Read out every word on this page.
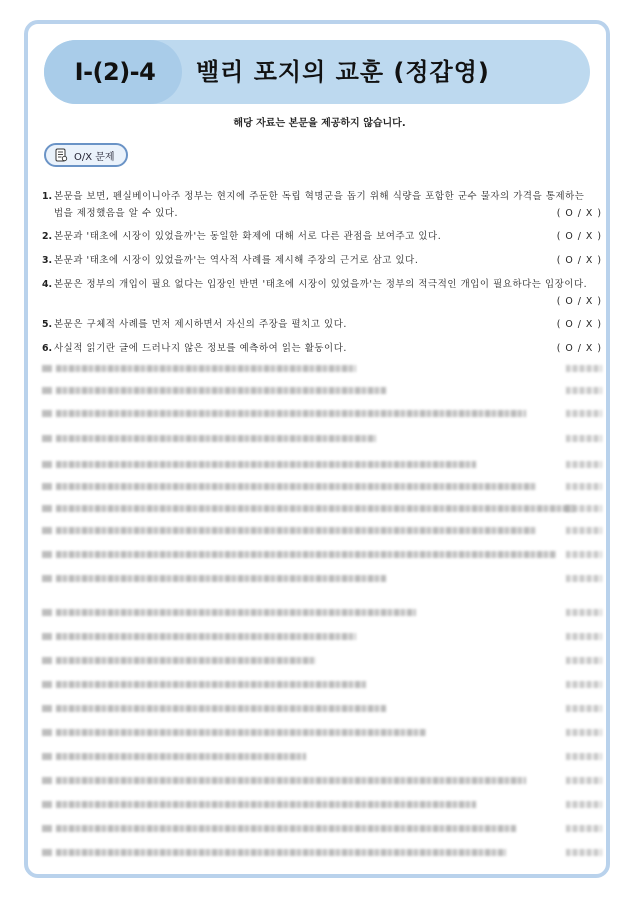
Ⅰ-(2)-4	밸리 포지의 교훈 (정갑영)
해당 자료는 본문을 제공하지 않습니다.
O/X 문제
1. 본문을 보면, 펜실베이니아주 정부는 현지에 주둔한 독립 혁명군을 돕기 위해 식량을 포함한 군수 물자의 가격을 통제하는
법을 제정했음을 알 수 있다.	( O / X )
2. 본문과 '태초에 시장이 있었을까'는 동일한 화제에 대해 서로 다른 관점을 보여주고 있다.	( O / X )
3. 본문과 '태초에 시장이 있었을까'는 역사적 사례를 제시해 주장의 근거로 삼고 있다.	( O / X )
4. 본문은 정부의 개입이 필요 없다는 입장인 반면 '태초에 시장이 있었을까'는 정부의 적극적인 개입이 필요하다는 입장이다.
( O / X )
5. 본문은 구체적 사례를 먼저 제시하면서 자신의 주장을 펼치고 있다.	( O / X )
6. 사실적 읽기란 글에 드러나지 않은 정보를 예측하여 읽는 활동이다.	( O / X )
